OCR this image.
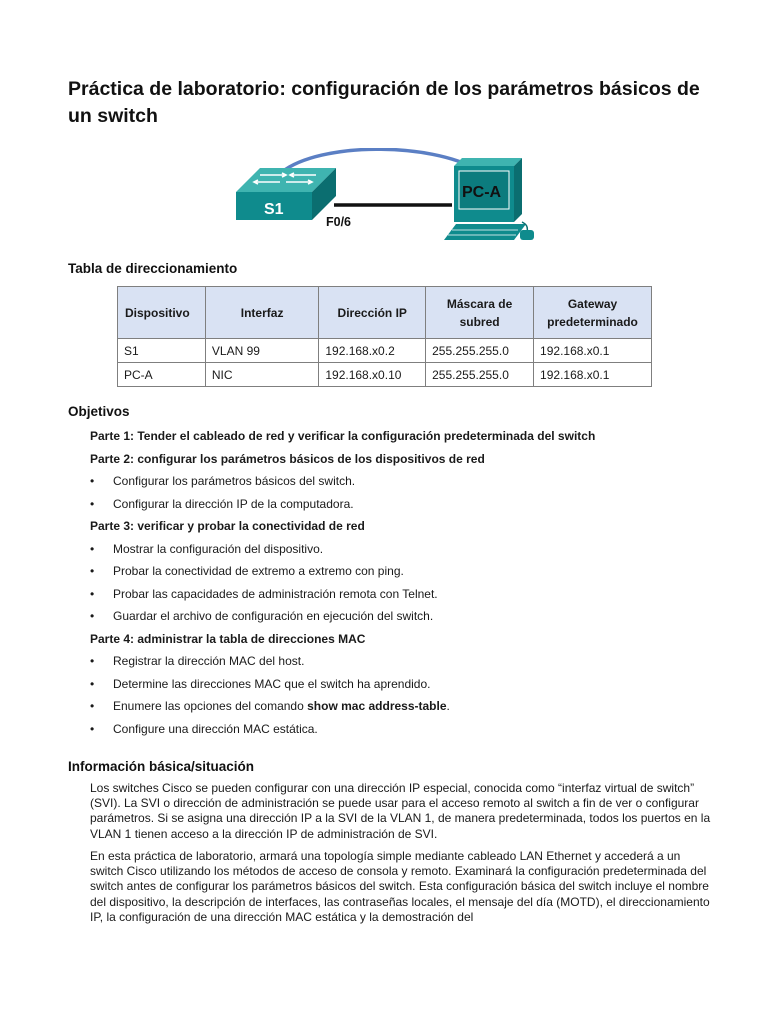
Práctica de laboratorio: configuración de los parámetros básicos de un switch
S1
F0/6
PC-A
Tabla de direccionamiento
Dispositivo	Interfaz	Dirección IP	Máscara de subred	Gateway predeterminado
S1	VLAN 99	192.168.x0.2	255.255.255.0	192.168.x0.1
PC-A	NIC	192.168.x0.10	255.255.255.0	192.168.x0.1
Objetivos

Parte 1: Tender el cableado de red y verificar la configuración predeterminada del switch

Parte 2: configurar los parámetros básicos de los dispositivos de red

• Configurar los parámetros básicos del switch.
• Configurar la dirección IP de la computadora.

Parte 3: verificar y probar la conectividad de red

• Mostrar la configuración del dispositivo.
• Probar la conectividad de extremo a extremo con ping.
• Probar las capacidades de administración remota con Telnet.
• Guardar el archivo de configuración en ejecución del switch.

Parte 4: administrar la tabla de direcciones MAC

• Registrar la dirección MAC del host.
• Determine las direcciones MAC que el switch ha aprendido.
• Enumere las opciones del comando show mac address-table.
• Configure una dirección MAC estática.
Información básica/situación

Los switches Cisco se pueden configurar con una dirección IP especial, conocida como “interfaz virtual de switch” (SVI). La SVI o dirección de administración se puede usar para el acceso remoto al switch a fin de ver o configurar parámetros. Si se asigna una dirección IP a la SVI de la VLAN 1, de manera predeterminada, todos los puertos en la VLAN 1 tienen acceso a la dirección IP de administración de SVI.

En esta práctica de laboratorio, armará una topología simple mediante cableado LAN Ethernet y accederá a un switch Cisco utilizando los métodos de acceso de consola y remoto. Examinará la configuración predeterminada del switch antes de configurar los parámetros básicos del switch. Esta configuración básica del switch incluye el nombre del dispositivo, la descripción de interfaces, las contraseñas locales, el mensaje del día (MOTD), el direccionamiento IP, la configuración de una dirección MAC estática y la demostración del
